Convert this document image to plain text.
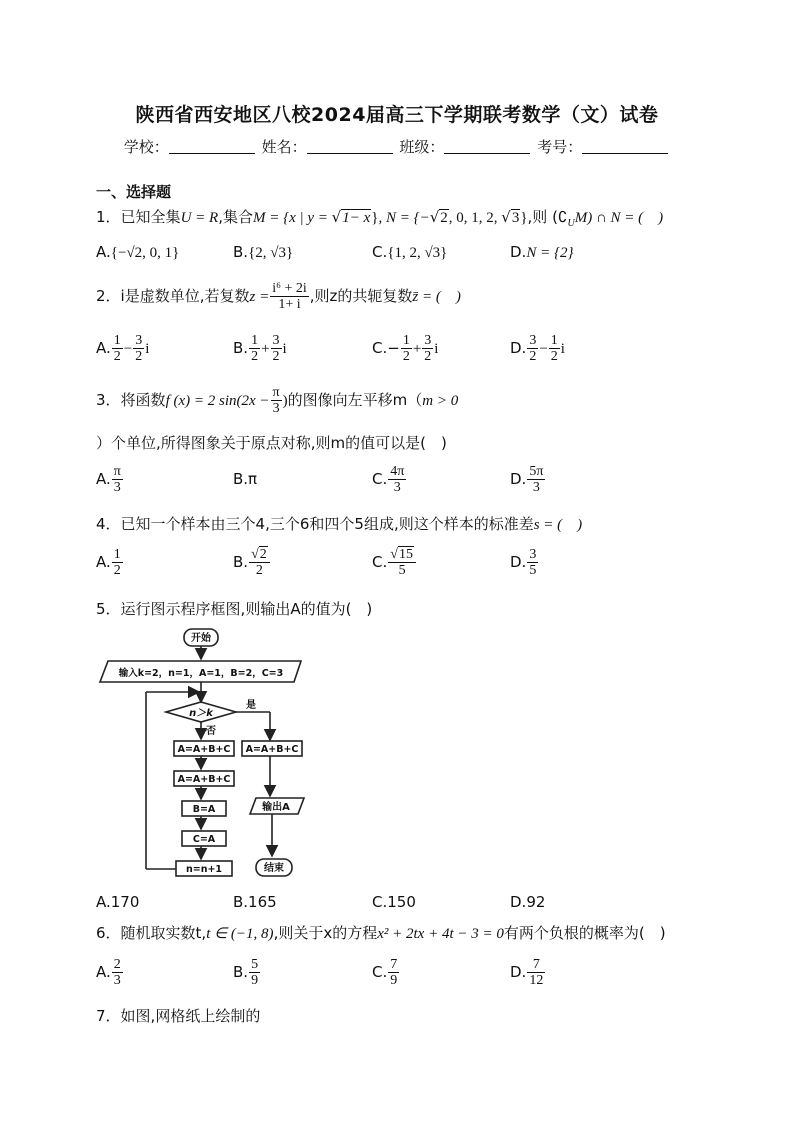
陕西省西安地区八校2024届高三下学期联考数学（文）试卷
学校：	姓名：	班级：	考号：
一、选择题
1．已知全集U = R,集合M = {x | y = √1− x}, N = {−√2, 0, 1, 2, √3},则 $(∁_UM)$ ∩ N = (　)
A.{−√2, 0, 1}	B.{2, √3}	C.{1, 2, √3}	D.N = {2}
2．i是虚数单位,若复数$z = \frac{\text{i⁶ + 2i}}{1+ i}$ ,则z的共轭复数z̄ = (　)
A. $\frac{1}{2} - \frac{3}{2}$ i	B. $\frac{1}{2} + \frac{3}{2}$ i	$C.- \frac{1}{2} + \frac{3}{2}$ i	D. $\frac{3}{2} - \frac{1}{2}$ i
3．将函数f (x) = 2 $\sin(2x - \frac{\pi}{3}$ )的图像向左平移m（m > 0
）个单位,所得图象关于原点对称,则m的值可以是(　)
A. $\frac{\pi}{3}$	B.π	C. $\frac{4\pi}{3}$	D. $\frac{5\pi}{3}$
4．已知一个样本由三个4,三个6和四个5组成,则这个样本的标准差s = (　)
A. $\frac{1}{2}$	B. $\frac{√2}{2}$	C. $\frac{√15}{5}$	D. $\frac{3}{5}$
5．运行图示程序框图,则输出A的值为(　)
开始
输入k=2，n=1，A=1，B=2，C=3
n＞k
是
否
A=A+B+C
A=A+B+C
B=A
C=A
n=n+1
A=A+B+C
输出A
结束
A.170	B.165	C.150	D.92
6．随机取实数t,t ∈ (−1, 8),则关于x的方程x² + 2tx + 4t − 3 = 0有两个负根的概率为(　)
A. $\frac{2}{3}$	B. $\frac{5}{9}$	C. $\frac{7}{9}$	D. $\frac{7}{12}$
7．如图,网格纸上绘制的
